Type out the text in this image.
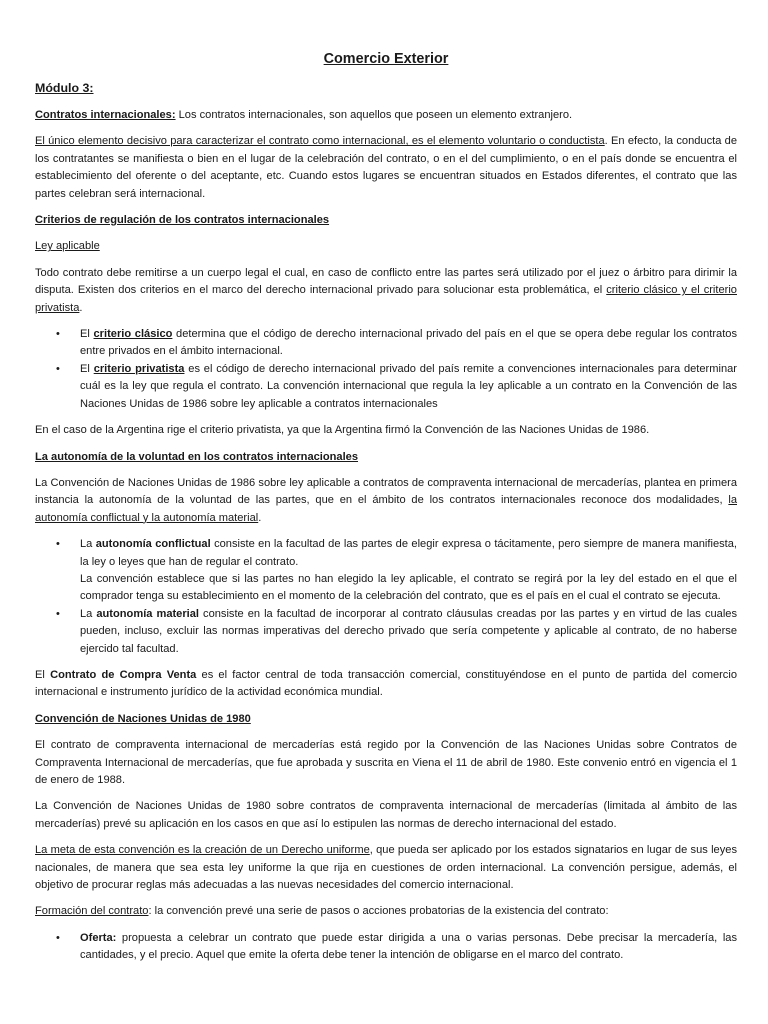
Comercio Exterior
Módulo 3:

Contratos internacionales: Los contratos internacionales, son aquellos que poseen un elemento extranjero.

El único elemento decisivo para caracterizar el contrato como internacional, es el elemento voluntario o conductista. En efecto, la conducta de los contratantes se manifiesta o bien en el lugar de la celebración del contrato, o en el del cumplimiento, o en el país donde se encuentra el establecimiento del oferente o del aceptante, etc. Cuando estos lugares se encuentran situados en Estados diferentes, el contrato que las partes celebran será internacional.

Criterios de regulación de los contratos internacionales
Ley aplicable

Todo contrato debe remitirse a un cuerpo legal el cual, en caso de conflicto entre las partes será utilizado por el juez o árbitro para dirimir la disputa. Existen dos criterios en el marco del derecho internacional privado para solucionar esta problemática, el criterio clásico y el criterio privatista.

• El criterio clásico determina que el código de derecho internacional privado del país en el que se opera debe regular los contratos entre privados en el ámbito internacional.
• El criterio privatista es el código de derecho internacional privado del país remite a convenciones internacionales para determinar cuál es la ley que regula el contrato. La convención internacional que regula la ley aplicable a un contrato en la Convención de las Naciones Unidas de 1986 sobre ley aplicable a contratos internacionales

En el caso de la Argentina rige el criterio privatista, ya que la Argentina firmó la Convención de las Naciones Unidas de 1986.

La autonomía de la voluntad en los contratos internacionales

La Convención de Naciones Unidas de 1986 sobre ley aplicable a contratos de compraventa internacional de mercaderías, plantea en primera instancia la autonomía de la voluntad de las partes, que en el ámbito de los contratos internacionales reconoce dos modalidades, la autonomía conflictual y la autonomía material.

• La autonomía conflictual consiste en la facultad de las partes de elegir expresa o tácitamente, pero siempre de manera manifiesta, la ley o leyes que han de regular el contrato.
La convención establece que si las partes no han elegido la ley aplicable, el contrato se regirá por la ley del estado en el que el comprador tenga su establecimiento en el momento de la celebración del contrato, que es el país en el cual el contrato se ejecuta.
• La autonomía material consiste en la facultad de incorporar al contrato cláusulas creadas por las partes y en virtud de las cuales pueden, incluso, excluir las normas imperativas del derecho privado que sería competente y aplicable al contrato, de no haberse ejercido tal facultad.

El Contrato de Compra Venta es el factor central de toda transacción comercial, constituyéndose en el punto de partida del comercio internacional e instrumento jurídico de la actividad económica mundial.

Convención de Naciones Unidas de 1980

El contrato de compraventa internacional de mercaderías está regido por la Convención de las Naciones Unidas sobre Contratos de Compraventa Internacional de mercaderías, que fue aprobada y suscrita en Viena el 11 de abril de 1980. Este convenio entró en vigencia el 1 de enero de 1988.

La Convención de Naciones Unidas de 1980 sobre contratos de compraventa internacional de mercaderías (limitada al ámbito de las mercaderías) prevé su aplicación en los casos en que así lo estipulen las normas de derecho internacional del estado.

La meta de esta convención es la creación de un Derecho uniforme, que pueda ser aplicado por los estados signatarios en lugar de sus leyes nacionales, de manera que sea esta ley uniforme la que rija en cuestiones de orden internacional. La convención persigue, además, el objetivo de procurar reglas más adecuadas a las nuevas necesidades del comercio internacional.

Formación del contrato: la convención prevé una serie de pasos o acciones probatorias de la existencia del contrato:

• Oferta: propuesta a celebrar un contrato que puede estar dirigida a una o varias personas. Debe precisar la mercadería, las cantidades, y el precio. Aquel que emite la oferta debe tener la intención de obligarse en el marco del contrato.
